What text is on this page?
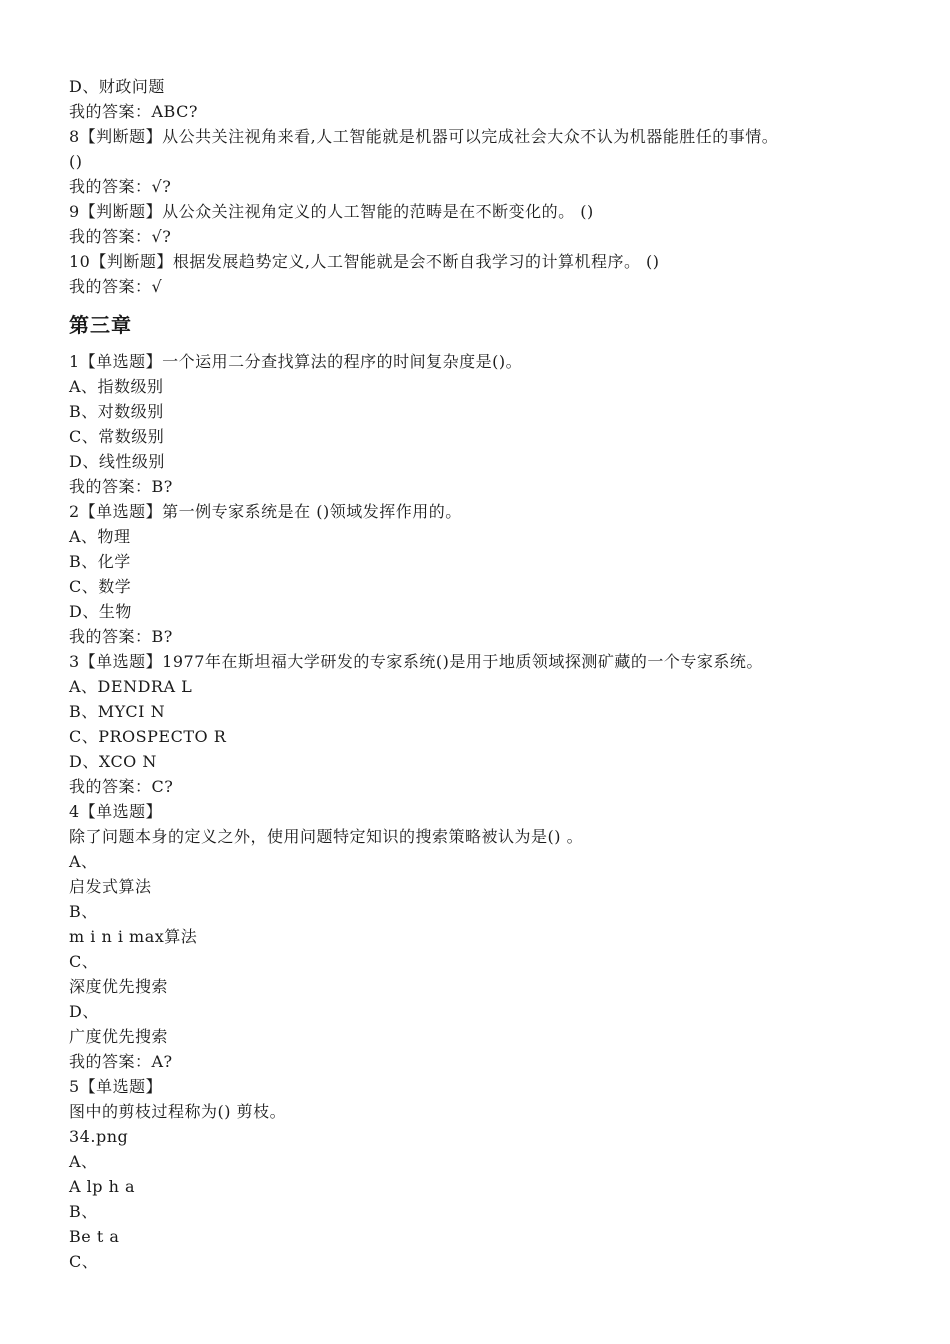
D、财政问题
我的答案：ABC?
8【判断题】从公共关注视角来看,人工智能就是机器可以完成社会大众不认为机器能胜任的事情。
()
我的答案：√?
9【判断题】从公众关注视角定义的人工智能的范畴是在不断变化的。 ()
我的答案：√?
10【判断题】根据发展趋势定义,人工智能就是会不断自我学习的计算机程序。 ()
我的答案：√
第三章
1【单选题】一个运用二分查找算法的程序的时间复杂度是()。
A、指数级别
B、对数级别
C、常数级别
D、线性级别
我的答案：B?
2【单选题】第一例专家系统是在 ()领域发挥作用的。
A、物理
B、化学
C、数学
D、生物
我的答案：B?
3【单选题】1977年在斯坦福大学研发的专家系统()是用于地质领域探测矿藏的一个专家系统。
A、DENDRA L
B、MYCI N
C、PROSPECTO R
D、XCO N
我的答案：C?
4【单选题】
除了问题本身的定义之外，使用问题特定知识的搜索策略被认为是() 。
A、
启发式算法
B、
m i n i max算法
C、
深度优先搜索
D、
广度优先搜索
我的答案：A?
5【单选题】
图中的剪枝过程称为() 剪枝。
34.png
A、
A lp h a
B、
Be t a
C、
